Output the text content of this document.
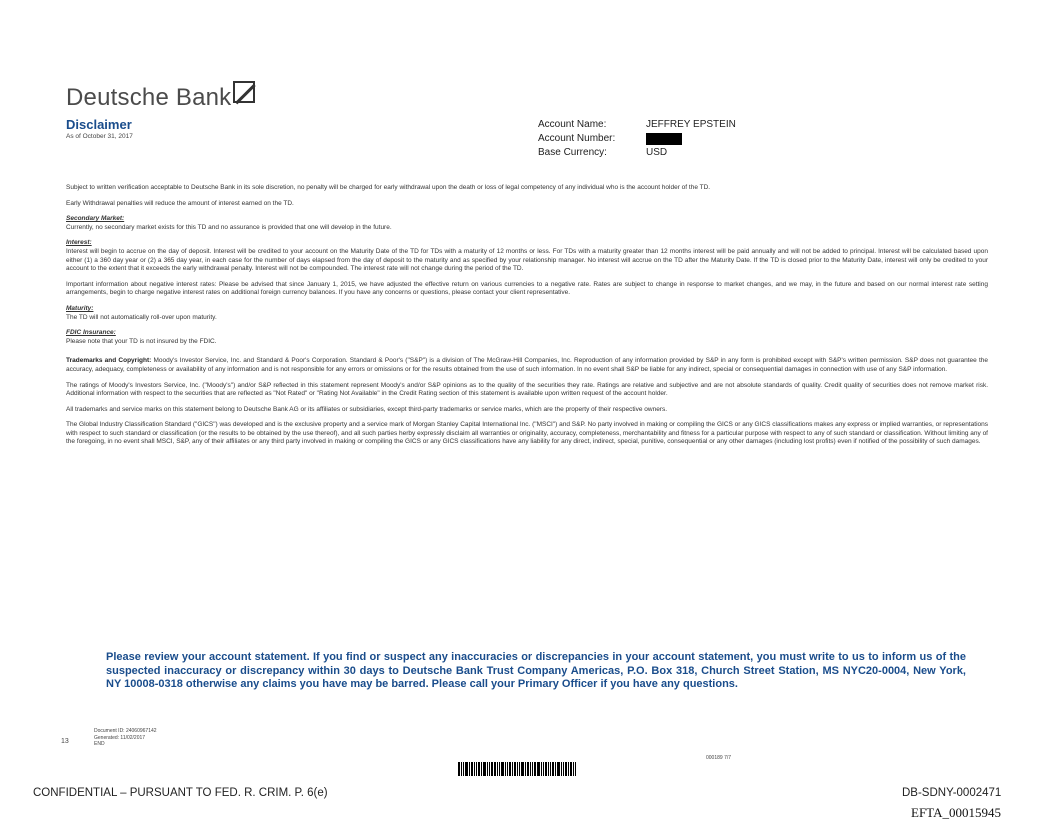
Deutsche Bank
Disclaimer
As of October 31, 2017
Account Name:	JEFFREY EPSTEIN
Account Number:
Base Currency:	USD

Subject to written verification acceptable to Deutsche Bank in its sole discretion, no penalty will be charged for early withdrawal upon the death or loss of legal competency of any individual who is the account holder of the TD.

Early Withdrawal penalties will reduce the amount of interest earned on the TD.

Secondary Market:
Currently, no secondary market exists for this TD and no assurance is provided that one will develop in the future.
Interest:
Interest will begin to accrue on the day of deposit. Interest will be credited to your account on the Maturity Date of the TD for TDs with a maturity of 12 months or less. For TDs with a maturity greater than 12 months interest will be paid annually and will not be added to principal. Interest will be calculated based upon either (1) a 360 day year or (2) a 365 day year, in each case for the number of days elapsed from the day of deposit to the maturity and as specified by your relationship manager. No interest will accrue on the TD after the Maturity Date. If the TD is closed prior to the Maturity Date, interest will only be credited to your account to the extent that it exceeds the early withdrawal penalty. Interest will not be compounded. The interest rate will not change during the period of the TD.

Important information about negative interest rates: Please be advised that since January 1, 2015, we have adjusted the effective return on various currencies to a negative rate. Rates are subject to change in response to market changes, and we may, in the future and based on our normal interest rate setting arrangements, begin to charge negative interest rates on additional foreign currency balances. If you have any concerns or questions, please contact your client representative.

Maturity:
The TD will not automatically roll-over upon maturity.
FDIC Insurance:
Please note that your TD is not insured by the FDIC.

Trademarks and Copyright: Moody's Investor Service, Inc. and Standard & Poor's Corporation. Standard & Poor's ("S&P") is a division of The McGraw-Hill Companies, Inc. Reproduction of any information provided by S&P in any form is prohibited except with S&P's written permission. S&P does not guarantee the accuracy, adequacy, completeness or availability of any information and is not responsible for any errors or omissions or for the results obtained from the use of such information. In no event shall S&P be liable for any indirect, special or consequential damages in connection with use of any S&P information.

The ratings of Moody's Investors Service, Inc. ("Moody's") and/or S&P reflected in this statement represent Moody's and/or S&P opinions as to the quality of the securities they rate. Ratings are relative and subjective and are not absolute standards of quality. Credit quality of securities does not remove market risk. Additional information with respect to the securities that are reflected as "Not Rated" or "Rating Not Available" in the Credit Rating section of this statement is available upon written request of the account holder.

All trademarks and service marks on this statement belong to Deutsche Bank AG or its affiliates or subsidiaries, except third-party trademarks or service marks, which are the property of their respective owners.

The Global Industry Classification Standard ("GICS") was developed and is the exclusive property and a service mark of Morgan Stanley Capital International Inc. ("MSCI") and S&P. No party involved in making or compiling the GICS or any GICS classifications makes any express or implied warranties, or representations with respect to such standard or classification (or the results to be obtained by the use thereof), and all such parties herby expressly disclaim all warranties or originality, accuracy, completeness, merchantability and fitness for a particular purpose with respect to any of such standard or classification. Without limiting any of the foregoing, in no event shall MSCI, S&P, any of their affiliates or any third party involved in making or compiling the GICS or any GICS classifications have any liability for any direct, indirect, special, punitive, consequential or any other damages (including lost profits) even if notified of the possibility of such damages.

Please review your account statement. If you find or suspect any inaccuracies or discrepancies in your account statement, you must write to us to inform us of the suspected inaccuracy or discrepancy within 30 days to Deutsche Bank Trust Company Americas, P.O. Box 318, Church Street Station, MS NYC20-0004, New York, NY 10008-0318 otherwise any claims you have may be barred. Please call your Primary Officer if you have any questions.
13
Document ID: 24060967142
Generated: 11/02/2017
END
000189 7/7
CONFIDENTIAL – PURSUANT TO FED. R. CRIM. P. 6(e)	DB-SDNY-0002471
EFTA_00015945
